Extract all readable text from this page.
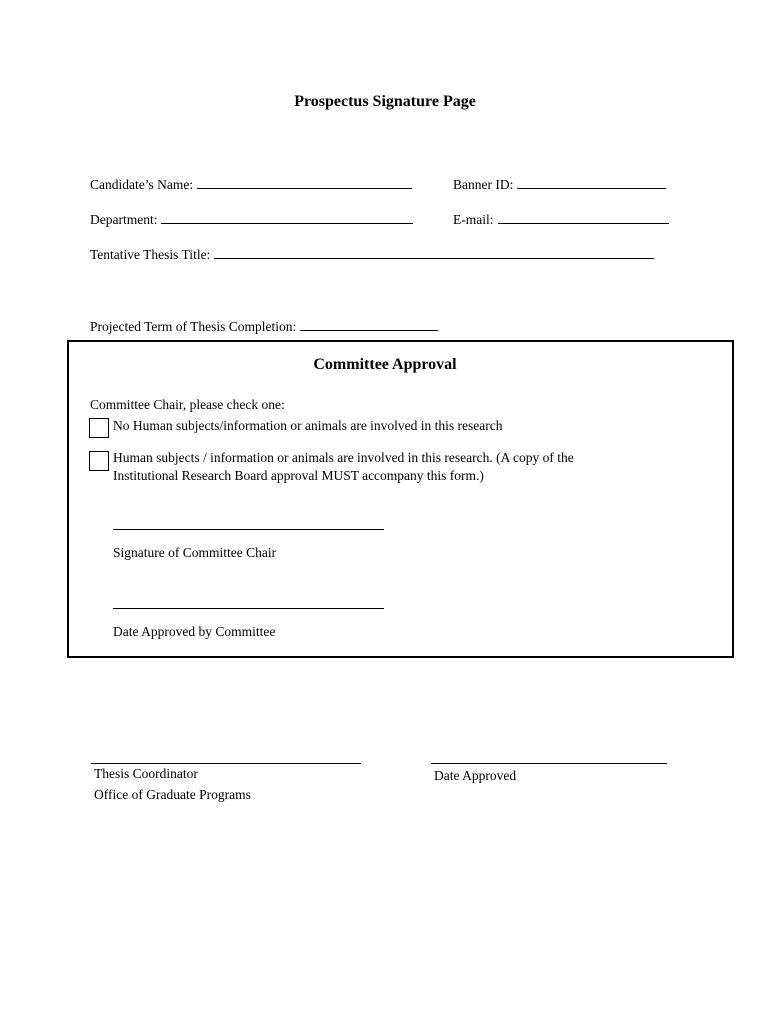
Prospectus Signature Page
Candidate’s Name:	Banner ID:
Department:	E-mail:
Tentative Thesis Title:
Projected Term of Thesis Completion:
Committee Approval
Committee Chair, please check one:
No Human subjects/information or animals are involved in this research
Human subjects / information or animals are involved in this research. (A copy of the
Institutional Research Board approval MUST accompany this form.)
Signature of Committee Chair
Date Approved by Committee
Thesis Coordinator
Office of Graduate Programs
Date Approved
